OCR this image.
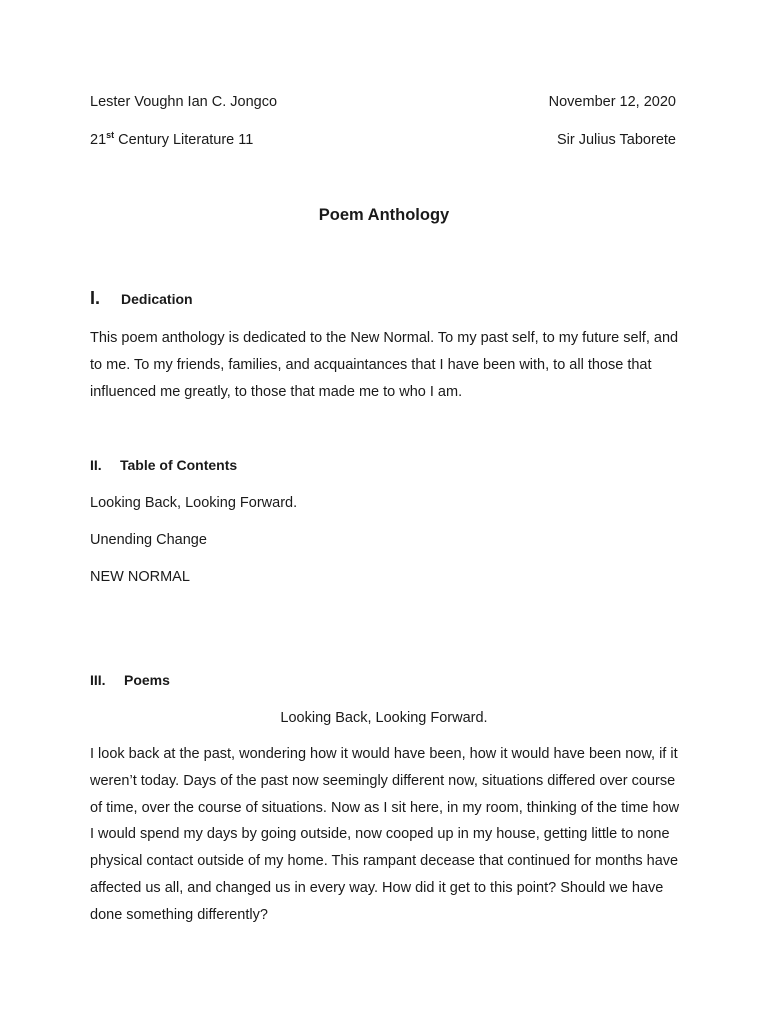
Lester Voughn Ian C. Jongco	November 12, 2020
21st Century Literature 11	Sir Julius Taborete
Poem Anthology
I.	Dedication

This poem anthology is dedicated to the New Normal. To my past self, to my future self, and to me. To my friends, families, and acquaintances that I have been with, to all those that influenced me greatly, to those that made me to who I am.

II.	Table of Contents
Looking Back, Looking Forward.
Unending Change
NEW NORMAL
III.	Poems
Looking Back, Looking Forward.

I look back at the past, wondering how it would have been, how it would have been now, if it weren’t today. Days of the past now seemingly different now, situations differed over course of time, over the course of situations. Now as I sit here, in my room, thinking of the time how I would spend my days by going outside, now cooped up in my house, getting little to none physical contact outside of my home. This rampant decease that continued for months have affected us all, and changed us in every way. How did it get to this point? Should we have done something differently?
